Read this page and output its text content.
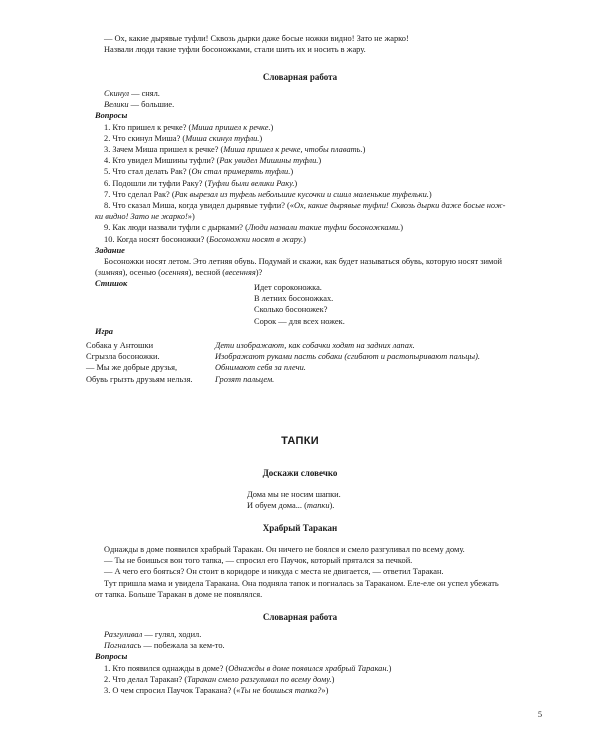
— Ох, какие дырявые туфли! Сквозь дырки даже босые ножки видно! Зато не жарко!

Назвали люди такие туфли босоножками, стали шить их и носить в жару.

Словарная работа

Скинул — снял.

Велики — большие.

Вопросы

1. Кто пришел к речке? (Миша пришел к речке.)

2. Что скинул Миша? (Миша скинул туфли.)

3. Зачем Миша пришел к речке? (Миша пришел к речке, чтобы плавать.)

4. Кто увидел Мишины туфли? (Рак увидел Мишины туфли.)

5. Что стал делать Рак? (Он стал примерять туфли.)

6. Подошли ли туфли Раку? (Туфли были велики Раку.)

7. Что сделал Рак? (Рак вырезал из туфель небольшие кусочки и сшил маленькие туфельки.)

8. Что сказал Миша, когда увидел дырявые туфли? («Ох, какие дырявые туфли! Сквозь дырки даже босые нож-

ки видно! Зато не жарко!»)

9. Как люди назвали туфли с дырками? (Люди назвали такие туфли босоножками.)

10. Когда носят босоножки? (Босоножки носят в жару.)

Задание

Босоножки носят летом. Это летняя обувь. Подумай и скажи, как будет называться обувь, которую носят зимой

(зимняя), осенью (осенняя), весной (весенняя)?

Стишок	Идет сороконожка.

В летних босоножках.

Сколько босоножек?

Сорок — для всех ножек.

Игра

Собака у Антошки

Сгрызла босоножки.

— Мы же добрые друзья,

Обувь грызть друзьям нельзя.

Дети изображают, как собачки ходят на задних лапах.

Изображают руками пасть собаки (сгибают и растопыривают пальцы).

Обнимают себя за плечи.

Грозят пальцем.

ТАПКИ
Доскажи словечко

Дома мы не носим шапки.

И обуем дома... (тапки).

Храбрый Таракан

Однажды в доме появился храбрый Таракан. Он ничего не боялся и смело разгуливал по всему дому.

— Ты не боишься вон того тапка, — спросил его Паучок, который прятался за печкой.

— А чего его бояться? Он стоит в коридоре и никуда с места не двигается, — ответил Таракан.

Тут пришла мама и увидела Таракана. Она подняла тапок и погналась за Тараканом. Еле-еле он успел убежать

от тапка. Больше Таракан в доме не появлялся.

Словарная работа

Разгуливал — гулял, ходил.

Погналась — побежала за кем-то.

Вопросы

1. Кто появился однажды в доме? (Однажды в доме появился храбрый Таракан.)

2. Что делал Таракан? (Таракан смело разгуливал по всему дому.)

3. О чем спросил Паучок Таракана? («Ты не боишься тапка?»)

5
